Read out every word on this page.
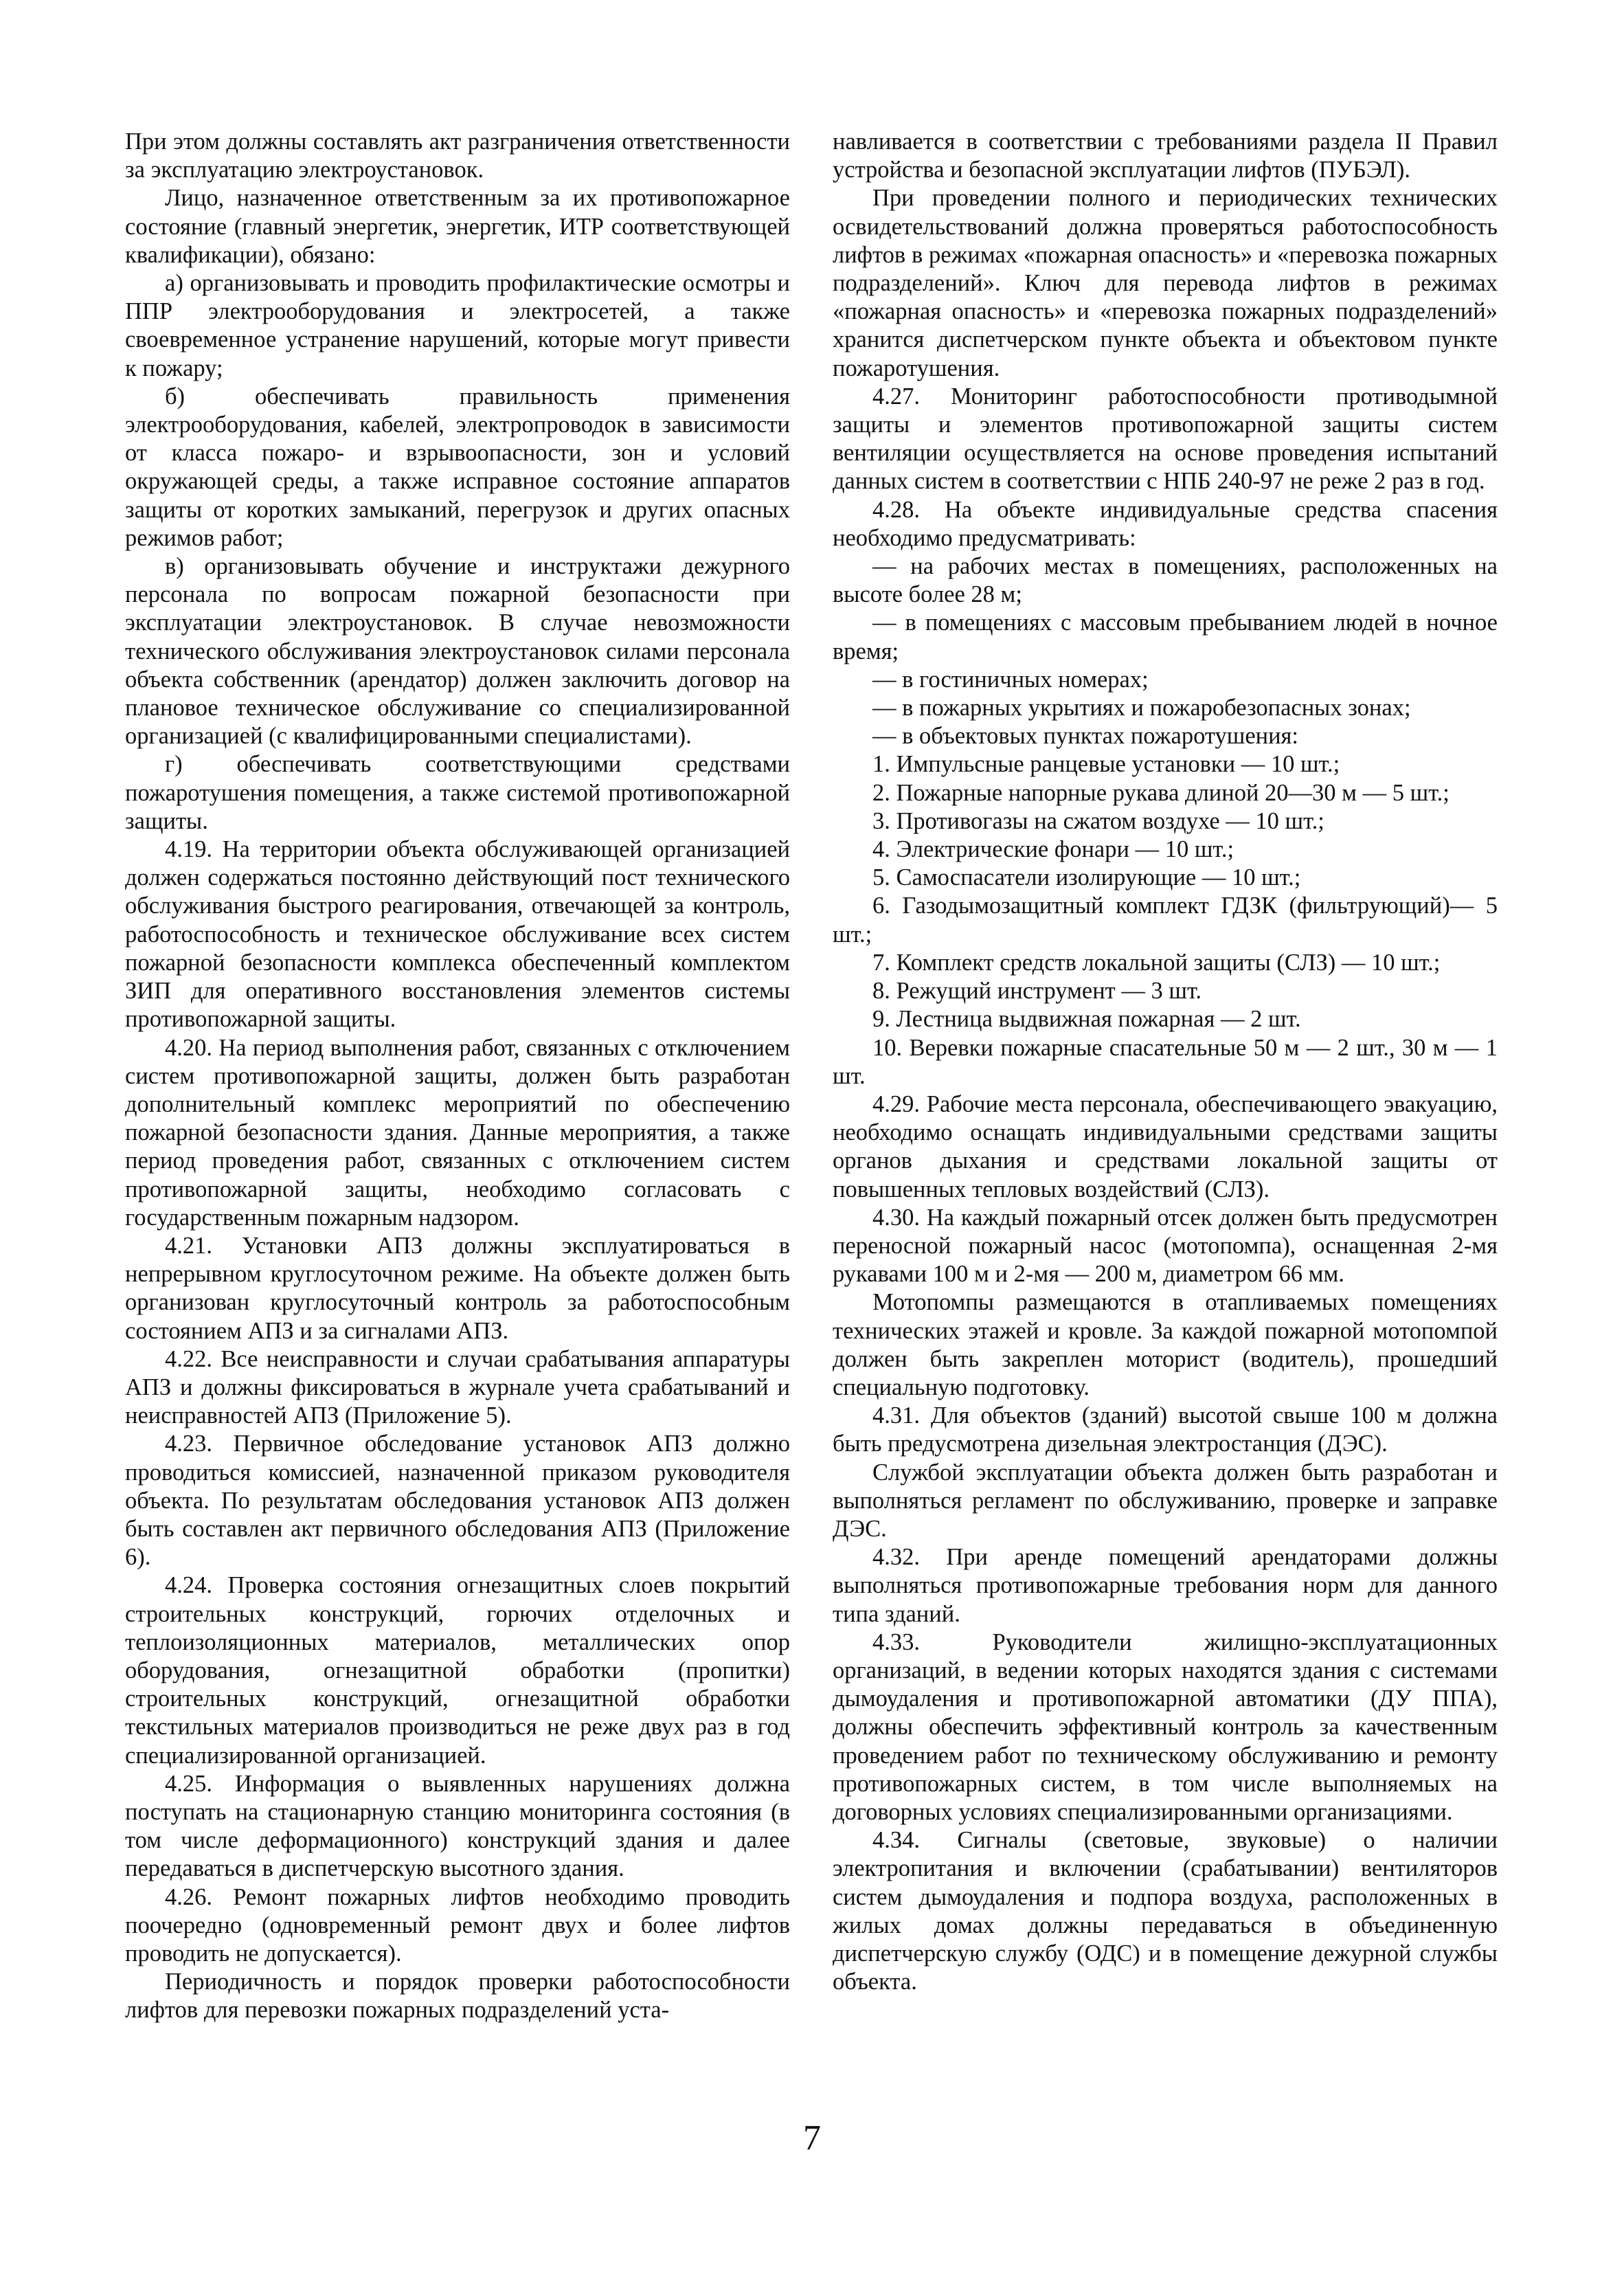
При этом должны составлять акт разграничения ответственности за эксплуатацию электроустановок.

Лицо, назначенное ответственным за их противопожарное состояние (главный энергетик, энергетик, ИТР соответствующей квалификации), обязано:

а) организовывать и проводить профилактические осмотры и ППР электрооборудования и электросетей, а также своевременное устранение нарушений, которые могут привести к пожару;

б) обеспечивать правильность применения электрооборудования, кабелей, электропроводок в зависимости от класса пожаро- и взрывоопасности, зон и условий окружающей среды, а также исправное состояние аппаратов защиты от коротких замыканий, перегрузок и других опасных режимов работ;

в) организовывать обучение и инструктажи дежурного персонала по вопросам пожарной безопасности при эксплуатации электроустановок. В случае невозможности технического обслуживания электроустановок силами персонала объекта собственник (арендатор) должен заключить договор на плановое техническое обслуживание со специализированной организацией (с квалифицированными специалистами).

г) обеспечивать соответствующими средствами пожаротушения помещения, а также системой противопожарной защиты.

4.19. На территории объекта обслуживающей организацией должен содержаться постоянно действующий пост технического обслуживания быстрого реагирования, отвечающей за контроль, работоспособность и техническое обслуживание всех систем пожарной безопасности комплекса обеспеченный комплектом ЗИП для оперативного восстановления элементов системы противопожарной защиты.

4.20. На период выполнения работ, связанных с отключением систем противопожарной защиты, должен быть разработан дополнительный комплекс мероприятий по обеспечению пожарной безопасности здания. Данные мероприятия, а также период проведения работ, связанных с отключением систем противопожарной защиты, необходимо согласовать с государственным пожарным надзором.

4.21. Установки АПЗ должны эксплуатироваться в непрерывном круглосуточном режиме. На объекте должен быть организован круглосуточный контроль за работоспособным состоянием АПЗ и за сигналами АПЗ.

4.22. Все неисправности и случаи срабатывания аппаратуры АПЗ и должны фиксироваться в журнале учета срабатываний и неисправностей АПЗ (Приложение 5).

4.23. Первичное обследование установок АПЗ должно проводиться комиссией, назначенной приказом руководителя объекта. По результатам обследования установок АПЗ должен быть составлен акт первичного обследования АПЗ (Приложение 6).

4.24. Проверка состояния огнезащитных слоев покрытий строительных конструкций, горючих отделочных и теплоизоляционных материалов, металлических опор оборудования, огнезащитной обработки (пропитки) строительных конструкций, огнезащитной обработки текстильных материалов производиться не реже двух раз в год специализированной организацией.

4.25. Информация о выявленных нарушениях должна поступать на стационарную станцию мониторинга состояния (в том числе деформационного) конструкций здания и далее передаваться в диспетчерскую высотного здания.

4.26. Ремонт пожарных лифтов необходимо проводить поочередно (одновременный ремонт двух и более лифтов проводить не допускается).

Периодичность и порядок проверки работоспособности лифтов для перевозки пожарных подразделений уста-

навливается в соответствии с требованиями раздела II Правил устройства и безопасной эксплуатации лифтов (ПУБЭЛ).

При проведении полного и периодических технических освидетельствований должна проверяться работоспособность лифтов в режимах «пожарная опасность» и «перевозка пожарных подразделений». Ключ для перевода лифтов в режимах «пожарная опасность» и «перевозка пожарных подразделений» хранится диспетчерском пункте объекта и объектовом пункте пожаротушения.

4.27. Мониторинг работоспособности противодымной защиты и элементов противопожарной защиты систем вентиляции осуществляется на основе проведения испытаний данных систем в соответствии с НПБ 240-97 не реже 2 раз в год.

4.28. На объекте индивидуальные средства спасения необходимо предусматривать:

— на рабочих местах в помещениях, расположенных на высоте более 28 м;

— в помещениях с массовым пребыванием людей в ночное время;

— в гостиничных номерах;

— в пожарных укрытиях и пожаробезопасных зонах;

— в объектовых пунктах пожаротушения:

1. Импульсные ранцевые установки — 10 шт.;

2. Пожарные напорные рукава длиной 20—30 м — 5 шт.;

3. Противогазы на сжатом воздухе — 10 шт.;

4. Электрические фонари — 10 шт.;

5. Самоспасатели изолирующие — 10 шт.;

6. Газодымозащитный комплект ГДЗК (фильтрующий)— 5 шт.;

7. Комплект средств локальной защиты (СЛЗ) — 10 шт.;

8. Режущий инструмент — 3 шт.

9. Лестница выдвижная пожарная — 2 шт.

10. Веревки пожарные спасательные 50 м — 2 шт., 30 м — 1 шт.

4.29. Рабочие места персонала, обеспечивающего эвакуацию, необходимо оснащать индивидуальными средствами защиты органов дыхания и средствами локальной защиты от повышенных тепловых воздействий (СЛЗ).

4.30. На каждый пожарный отсек должен быть предусмотрен переносной пожарный насос (мотопомпа), оснащенная 2-мя рукавами 100 м и 2-мя — 200 м, диаметром 66 мм.

Мотопомпы размещаются в отапливаемых помещениях технических этажей и кровле. За каждой пожарной мотопомпой должен быть закреплен моторист (водитель), прошедший специальную подготовку.

4.31. Для объектов (зданий) высотой свыше 100 м должна быть предусмотрена дизельная электростанция (ДЭС).

Службой эксплуатации объекта должен быть разработан и выполняться регламент по обслуживанию, проверке и заправке ДЭС.

4.32. При аренде помещений арендаторами должны выполняться противопожарные требования норм для данного типа зданий.

4.33. Руководители жилищно-эксплуатационных организаций, в ведении которых находятся здания с системами дымоудаления и противопожарной автоматики (ДУ ППА), должны обеспечить эффективный контроль за качественным проведением работ по техническому обслуживанию и ремонту противопожарных систем, в том числе выполняемых на договорных условиях специализированными организациями.

4.34. Сигналы (световые, звуковые) о наличии электропитания и включении (срабатывании) вентиляторов систем дымоудаления и подпора воздуха, расположенных в жилых домах должны передаваться в объединенную диспетчерскую службу (ОДС) и в помещение дежурной службы объекта.

7
